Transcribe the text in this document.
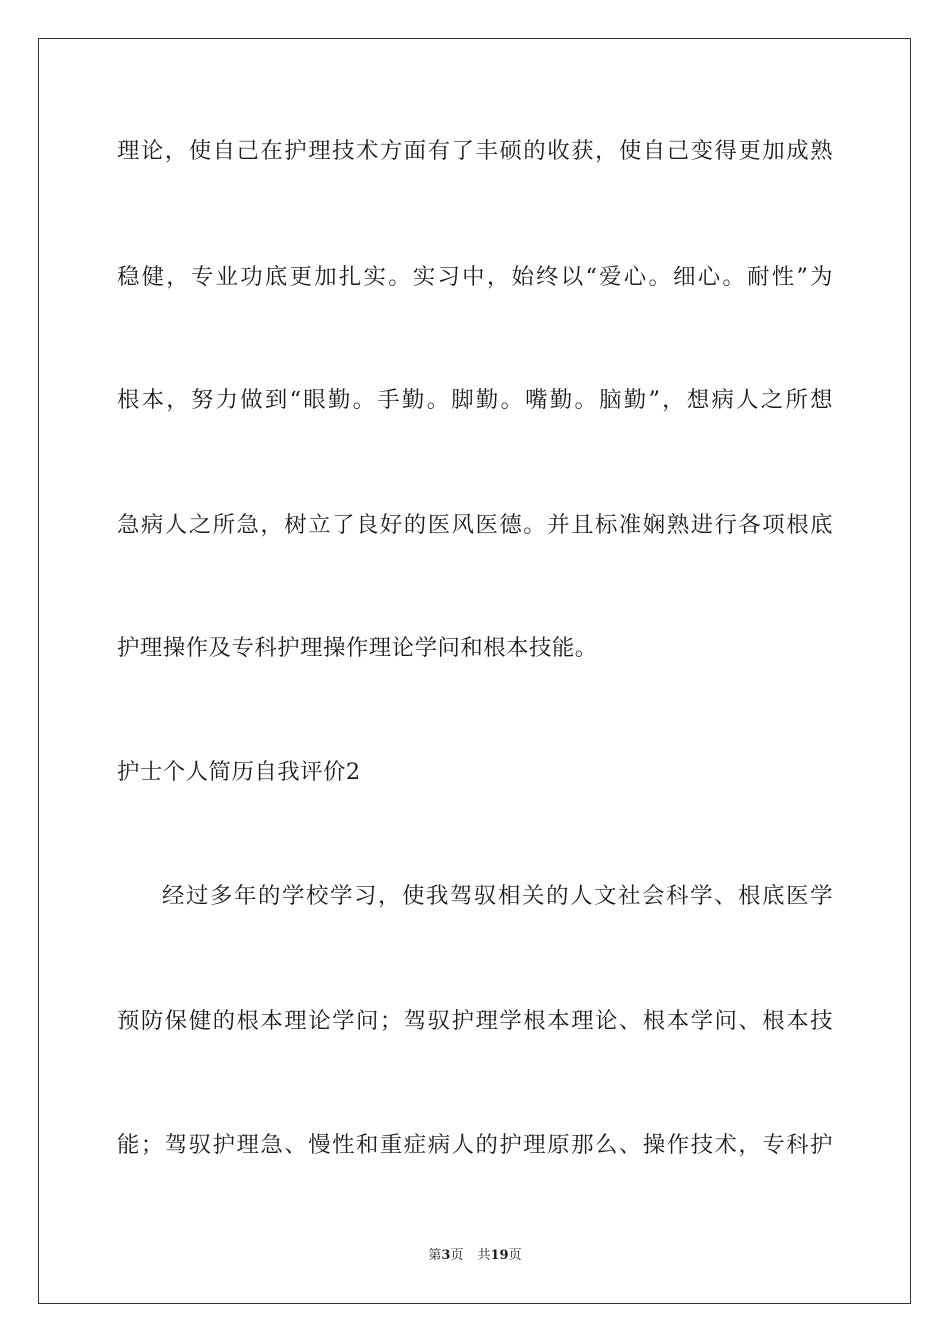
理论，使自己在护理技术方面有了丰硕的收获，使自己变得更加成熟
稳健，专业功底更加扎实。实习中，始终以“爱心。细心。耐性”为
根本，努力做到“眼勤。手勤。脚勤。嘴勤。脑勤”，想病人之所想
急病人之所急，树立了良好的医风医德。并且标准娴熟进行各项根底
护理操作及专科护理操作理论学问和根本技能。
护士个人简历自我评价2
经过多年的学校学习，使我驾驭相关的人文社会科学、根底医学
预防保健的根本理论学问；驾驭护理学根本理论、根本学问、根本技
能；驾驭护理急、慢性和重症病人的护理原那么、操作技术，专科护
第3页 共19页
